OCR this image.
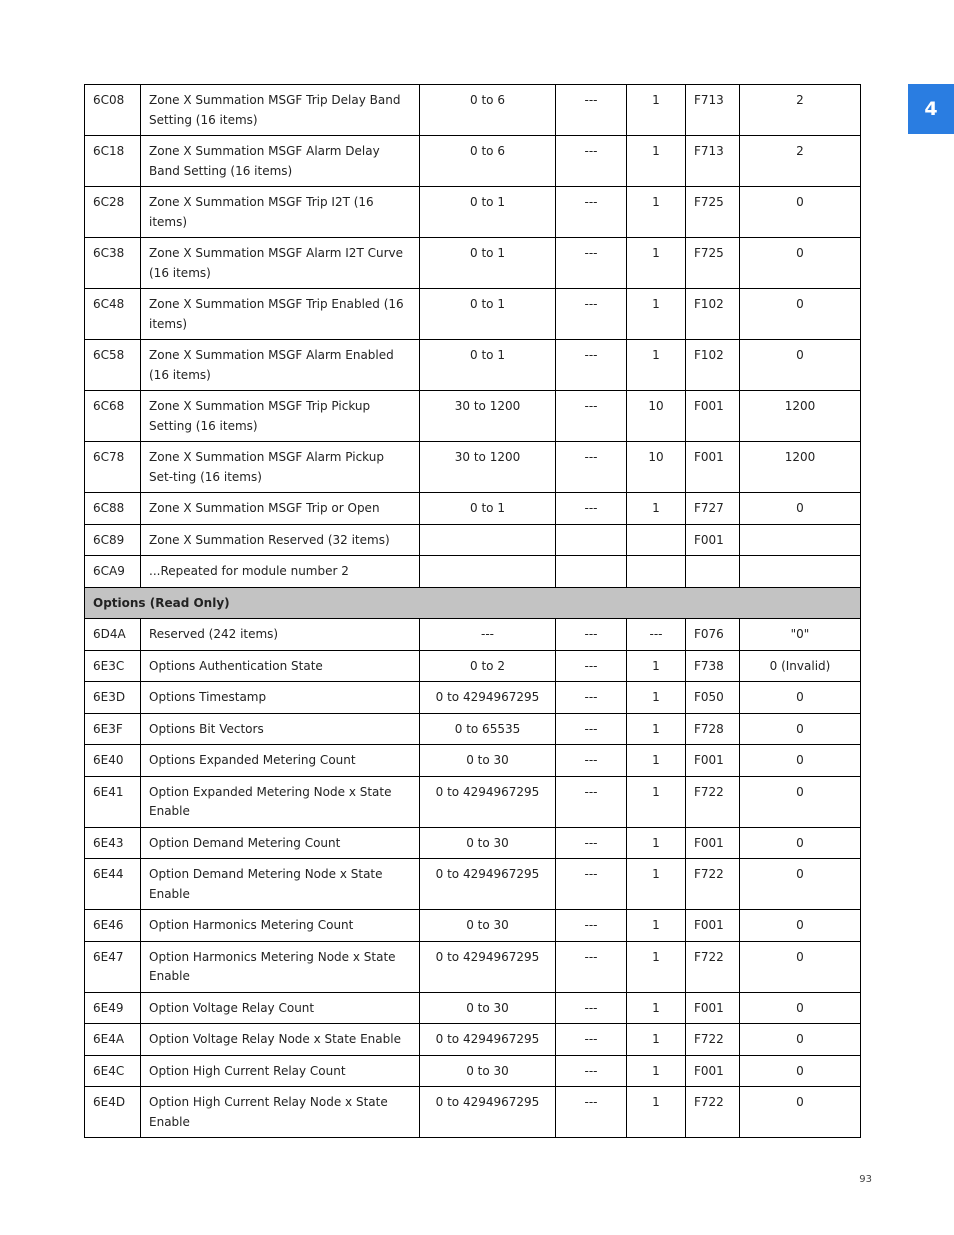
4
6C08	Zone X Summation MSGF Trip Delay Band Setting (16 items)	0 to 6	---	1	F713	2
6C18	Zone X Summation MSGF Alarm Delay Band Setting (16 items)	0 to 6	---	1	F713	2
6C28	Zone X Summation MSGF Trip I2T (16 items)	0 to 1	---	1	F725	0
6C38	Zone X Summation MSGF Alarm I2T Curve (16 items)	0 to 1	---	1	F725	0
6C48	Zone X Summation MSGF Trip Enabled (16 items)	0 to 1	---	1	F102	0
6C58	Zone X Summation MSGF Alarm Enabled (16 items)	0 to 1	---	1	F102	0
6C68	Zone X Summation MSGF Trip Pickup Setting (16 items)	30 to 1200	---	10	F001	1200
6C78	Zone X Summation MSGF Alarm Pickup Set-ting (16 items)	30 to 1200	---	10	F001	1200
6C88	Zone X Summation MSGF Trip or Open	0 to 1	---	1	F727	0
6C89	Zone X Summation Reserved (32 items)				F001	
6CA9	...Repeated for module number 2					
Options (Read Only)						
6D4A	Reserved (242 items)	---	---	---	F076	"0"
6E3C	Options Authentication State	0 to 2	---	1	F738	0 (Invalid)
6E3D	Options Timestamp	0 to 4294967295	---	1	F050	0
6E3F	Options Bit Vectors	0 to 65535	---	1	F728	0
6E40	Options Expanded Metering Count	0 to 30	---	1	F001	0
6E41	Option Expanded Metering Node x State Enable	0 to 4294967295	---	1	F722	0
6E43	Option Demand Metering Count	0 to 30	---	1	F001	0
6E44	Option Demand Metering Node x State Enable	0 to 4294967295	---	1	F722	0
6E46	Option Harmonics Metering Count	0 to 30	---	1	F001	0
6E47	Option Harmonics Metering Node x State Enable	0 to 4294967295	---	1	F722	0
6E49	Option Voltage Relay Count	0 to 30	---	1	F001	0
6E4A	Option Voltage Relay Node x State Enable	0 to 4294967295	---	1	F722	0
6E4C	Option High Current Relay Count	0 to 30	---	1	F001	0
6E4D	Option High Current Relay Node x State Enable	0 to 4294967295	---	1	F722	0
93
